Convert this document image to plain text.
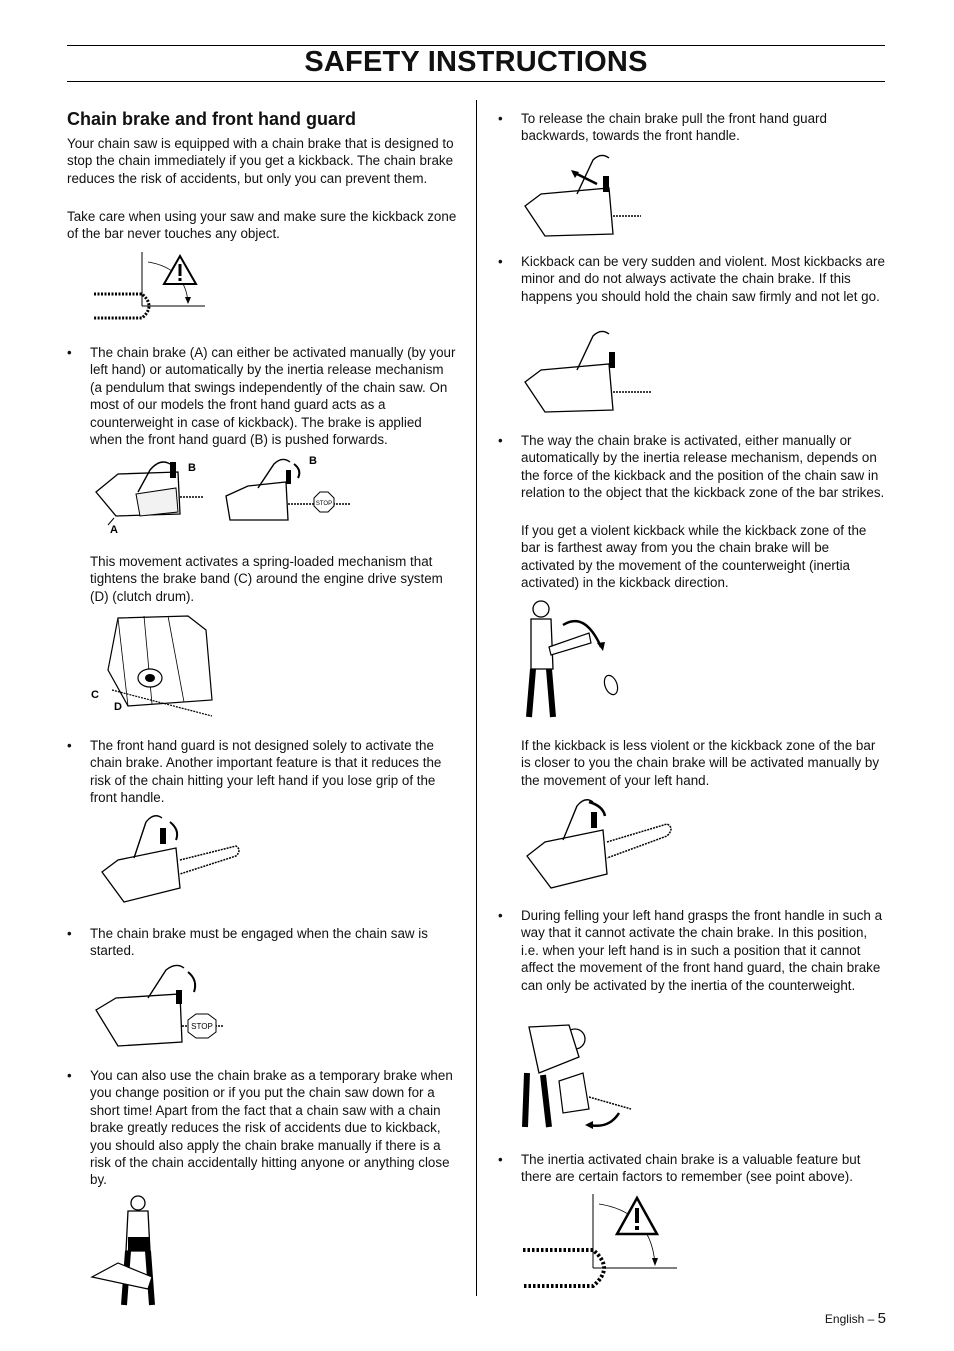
SAFETY INSTRUCTIONS
Chain brake and front hand guard

Your chain saw is equipped with a chain brake that is designed to stop the chain immediately if you get a kickback. The chain brake reduces the risk of accidents, but only you can prevent them.

Take care when using your saw and make sure the kickback zone of the bar never touches any object.

• The chain brake (A) can either be activated manually (by your left hand) or automatically by the inertia release mechanism (a pendulum that swings independently of the chain saw. On most of our models the front hand guard acts as a counterweight in case of kickback). The brake is applied when the front hand guard (B) is pushed forwards.
B
A
STOP
B

This movement activates a spring-loaded mechanism that tightens the brake band (C) around the engine drive system (D) (clutch drum).

C
D
• The front hand guard is not designed solely to activate the chain brake. Another important feature is that it reduces the risk of the chain hitting your left hand if you lose grip of the front handle.
• The chain brake must be engaged when the chain saw is started.
STOP
• You can also use the chain brake as a temporary brake when you change position or if you put the chain saw down for a short time! Apart from the fact that a chain saw with a chain brake greatly reduces the risk of accidents due to kickback, you should also apply the chain brake manually if there is a risk of the chain accidentally hitting anyone or anything close by.
• To release the chain brake pull the front hand guard backwards, towards the front handle.
• Kickback can be very sudden and violent. Most kickbacks are minor and do not always activate the chain brake. If this happens you should hold the chain saw firmly and not let go.
• The way the chain brake is activated, either manually or automatically by the inertia release mechanism, depends on the force of the kickback and the position of the chain saw in relation to the object that the kickback zone of the bar strikes.

If you get a violent kickback while the kickback zone of the bar is farthest away from you the chain brake will be activated by the movement of the counterweight (inertia activated) in the kickback direction.

If the kickback is less violent or the kickback zone of the bar is closer to you the chain brake will be activated manually by the movement of your left hand.

• During felling your left hand grasps the front handle in such a way that it cannot activate the chain brake. In this position, i.e. when your left hand is in such a position that it cannot affect the movement of the front hand guard, the chain brake can only be activated by the inertia of the counterweight.
• The inertia activated chain brake is a valuable feature but there are certain factors to remember (see point above).
English – 5
